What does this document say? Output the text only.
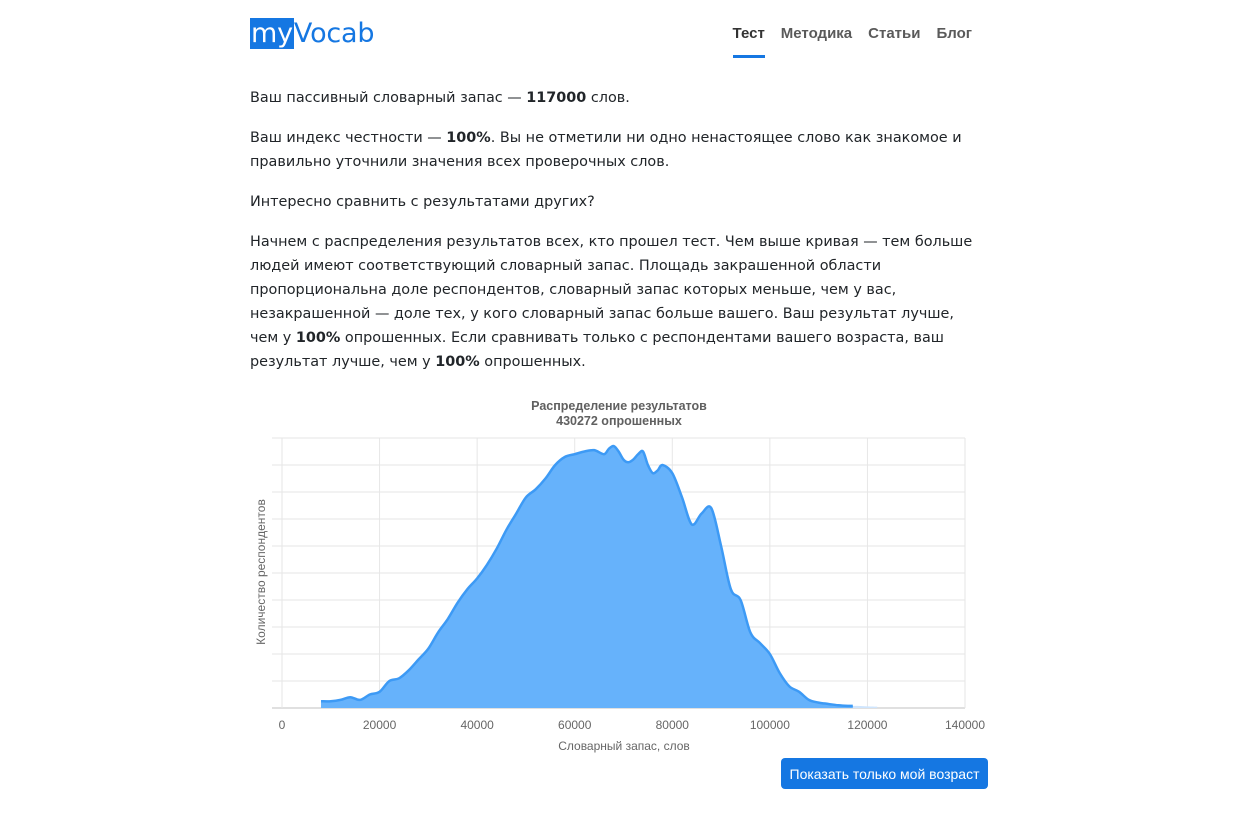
myVocab	Тест Методика Статьи Блог

Ваш пассивный словарный запас — 117000 слов.

Ваш индекс честности — 100%. Вы не отметили ни одно ненастоящее слово как знакомое и правильно уточнили значения всех проверочных слов.

Интересно сравнить с результатами других?

Начнем с распределения результатов всех, кто прошел тест. Чем выше кривая — тем больше людей имеют соответствующий словарный запас. Площадь закрашенной области пропорциональна доле респондентов, словарный запас которых меньше, чем у вас, незакрашенной — доле тех, у кого словарный запас больше вашего. Ваш результат лучше, чем у 100% опрошенных. Если сравнивать только с респондентами вашего возраста, ваш результат лучше, чем у 100% опрошенных.

Распределение результатов
430272 опрошенных
0	20000	40000	60000	80000	100000	120000	140000
Словарный запас, слов
Количество респондентов
Показать только мой возраст
